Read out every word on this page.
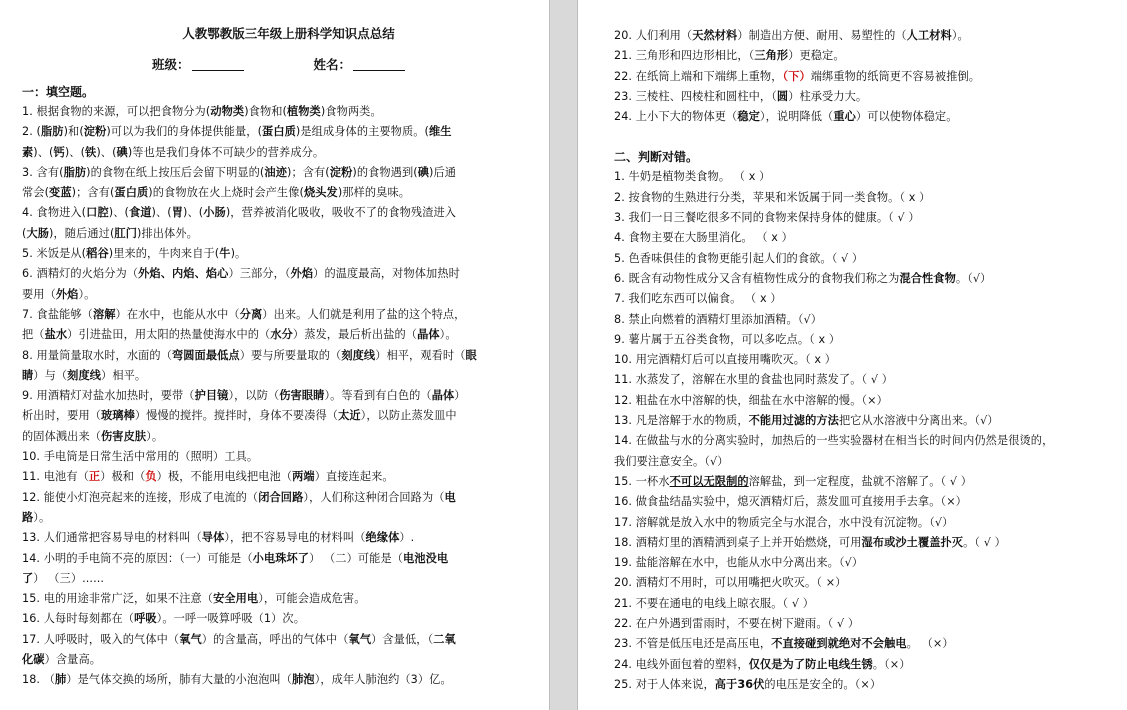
人教鄂教版三年级上册科学知识点总结
班级：	姓名：
一：填空题。

1. 根据食物的来源，可以把食物分为(动物类)食物和(植物类)食物两类。

2. (脂肪)和(淀粉)可以为我们的身体提供能量，(蛋白质)是组成身体的主要物质。(维生

素)、(钙)、(铁)、(碘)等也是我们身体不可缺少的营养成分。

3. 含有(脂肪)的食物在纸上按压后会留下明显的(油迹)；含有(淀粉)的食物遇到(碘)后通

常会(变蓝)；含有(蛋白质)的食物放在火上烧时会产生像(烧头发)那样的臭味。

4. 食物进入(口腔)、(食道)、(胃)、(小肠)，营养被消化吸收，吸收不了的食物残渣进入

(大肠)，随后通过(肛门)排出体外。

5. 米饭是从(稻谷)里来的，牛肉来自于(牛)。

6. 酒精灯的火焰分为（外焰、内焰、焰心）三部分，（外焰）的温度最高，对物体加热时

要用（外焰）。

7. 食盐能够（溶解）在水中，也能从水中（分离）出来。人们就是利用了盐的这个特点，

把（盐水）引进盐田，用太阳的热量使海水中的（水分）蒸发，最后析出盐的（晶体）。

8. 用量筒量取水时，水面的（弯圆面最低点）要与所要量取的（刻度线）相平，观看时（眼

睛）与（刻度线）相平。

9. 用酒精灯对盐水加热时，要带（护目镜），以防（伤害眼睛）。等看到有白色的（晶体）

析出时，要用（玻璃棒）慢慢的搅拌。搅拌时，身体不要凑得（太近），以防止蒸发皿中

的固体溅出来（伤害皮肤）。

10. 手电筒是日常生活中常用的（照明）工具。

11. 电池有（正）极和（负）极，不能用电线把电池（两端）直接连起来。

12. 能使小灯泡亮起来的连接，形成了电流的（闭合回路），人们称这种闭合回路为（电

路）。

13. 人们通常把容易导电的材料叫（导体），把不容易导电的材料叫（绝缘体）.

14. 小明的手电筒不亮的原因：（一）可能是（小电珠坏了） （二）可能是（电池没电

了） （三）......

15. 电的用途非常广泛，如果不注意（安全用电），可能会造成危害。

16. 人每时每刻都在（呼吸）。一呼一吸算呼吸（1）次。

17. 人呼吸时，吸入的气体中（氧气）的含量高，呼出的气体中（氧气）含量低，（二氧

化碳）含量高。

18. （肺）是气体交换的场所，肺有大量的小泡泡叫（肺泡），成年人肺泡约（3）亿。

20. 人们利用（天然材料）制造出方便、耐用、易塑性的（人工材料）。

21. 三角形和四边形相比，（三角形）更稳定。

22. 在纸筒上端和下端绑上重物，（下）端绑重物的纸筒更不容易被推倒。

23. 三棱柱、四棱柱和圆柱中，（圆）柱承受力大。

24. 上小下大的物体更（稳定），说明降低（重心）可以使物体稳定。

二、判断对错。

1. 牛奶是植物类食物。 （ x ）

2. 按食物的生熟进行分类，苹果和米饭属于同一类食物。（ x ）

3. 我们一日三餐吃很多不同的食物来保持身体的健康。（ √ ）

4. 食物主要在大肠里消化。 （ x ）

5. 色香味俱佳的食物更能引起人们的食欲。（ √ ）

6. 既含有动物性成分又含有植物性成分的食物我们称之为混合性食物。（√）

7. 我们吃东西可以偏食。 （ x ）

8. 禁止向燃着的酒精灯里添加酒精。（√）

9. 薯片属于五谷类食物，可以多吃点。（ x ）

10. 用完酒精灯后可以直接用嘴吹灭。（ x ）

11. 水蒸发了，溶解在水里的食盐也同时蒸发了。（ √ ）

12. 粗盐在水中溶解的快，细盐在水中溶解的慢。（×）

13. 凡是溶解于水的物质，不能用过滤的方法把它从水溶液中分离出来。（√）

14. 在做盐与水的分离实验时，加热后的一些实验器材在相当长的时间内仍然是很烫的，

我们要注意安全。（√）

15. 一杯水不可以无限制的溶解盐，到一定程度，盐就不溶解了。（ √ ）

16. 做食盐结晶实验中，熄灭酒精灯后，蒸发皿可直接用手去拿。（×）

17. 溶解就是放入水中的物质完全与水混合，水中没有沉淀物。（√）

18. 酒精灯里的酒精洒到桌子上并开始燃烧，可用湿布或沙土覆盖扑灭。（ √ ）

19. 盐能溶解在水中，也能从水中分离出来。（√）

20. 酒精灯不用时，可以用嘴把火吹灭。（ ×）

21. 不要在通电的电线上晾衣服。（ √ ）

22. 在户外遇到雷雨时，不要在树下避雨。（ √ ）

23. 不管是低压电还是高压电，不直接碰到就绝对不会触电。 （×）

24. 电线外面包着的塑料，仅仅是为了防止电线生锈。（×）

25. 对于人体来说，高于36伏的电压是安全的。（×）
